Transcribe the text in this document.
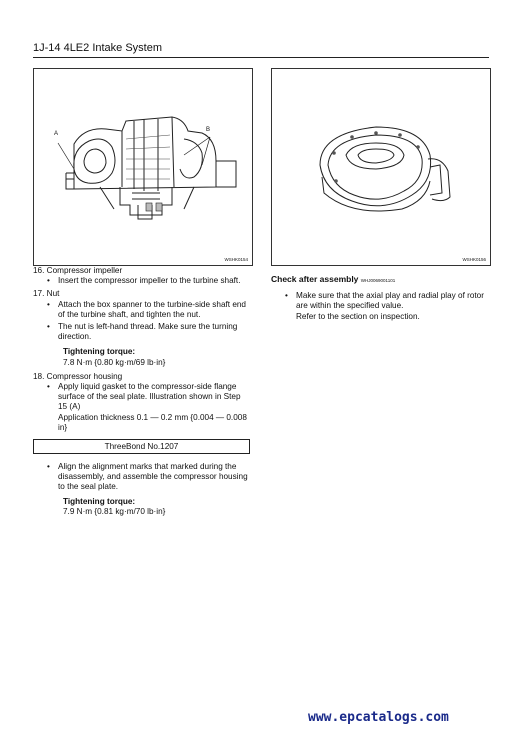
1J-14 4LE2 Intake System
A
B
WSHK0154	WSHK0156

16. Compressor impeller

• Insert the compressor impeller to the turbine shaft.

17. Nut

• Attach the box spanner to the turbine-side shaft end of the turbine shaft, and tighten the nut.
• The nut is left-hand thread. Make sure the turning direction.
Tightening torque:
7.8 N·m {0.80 kg·m/69 lb·in}

18. Compressor housing

• Apply liquid gasket to the compressor-side flange surface of the seal plate. Illustration shown in Step 15 (A)
Application thickness 0.1 — 0.2 mm {0.004 — 0.008 in}
ThreeBond No.1207
• Align the alignment marks that marked during the disassembly, and assemble the compressor housing to the seal plate.
Tightening torque:
7.9 N·m {0.81 kg·m/70 lb·in}
Check after assembly WHJ0069001101
• Make sure that the axial play and radial play of rotor are within the specified value.
Refer to the section on inspection.
www.epcatalogs.com
